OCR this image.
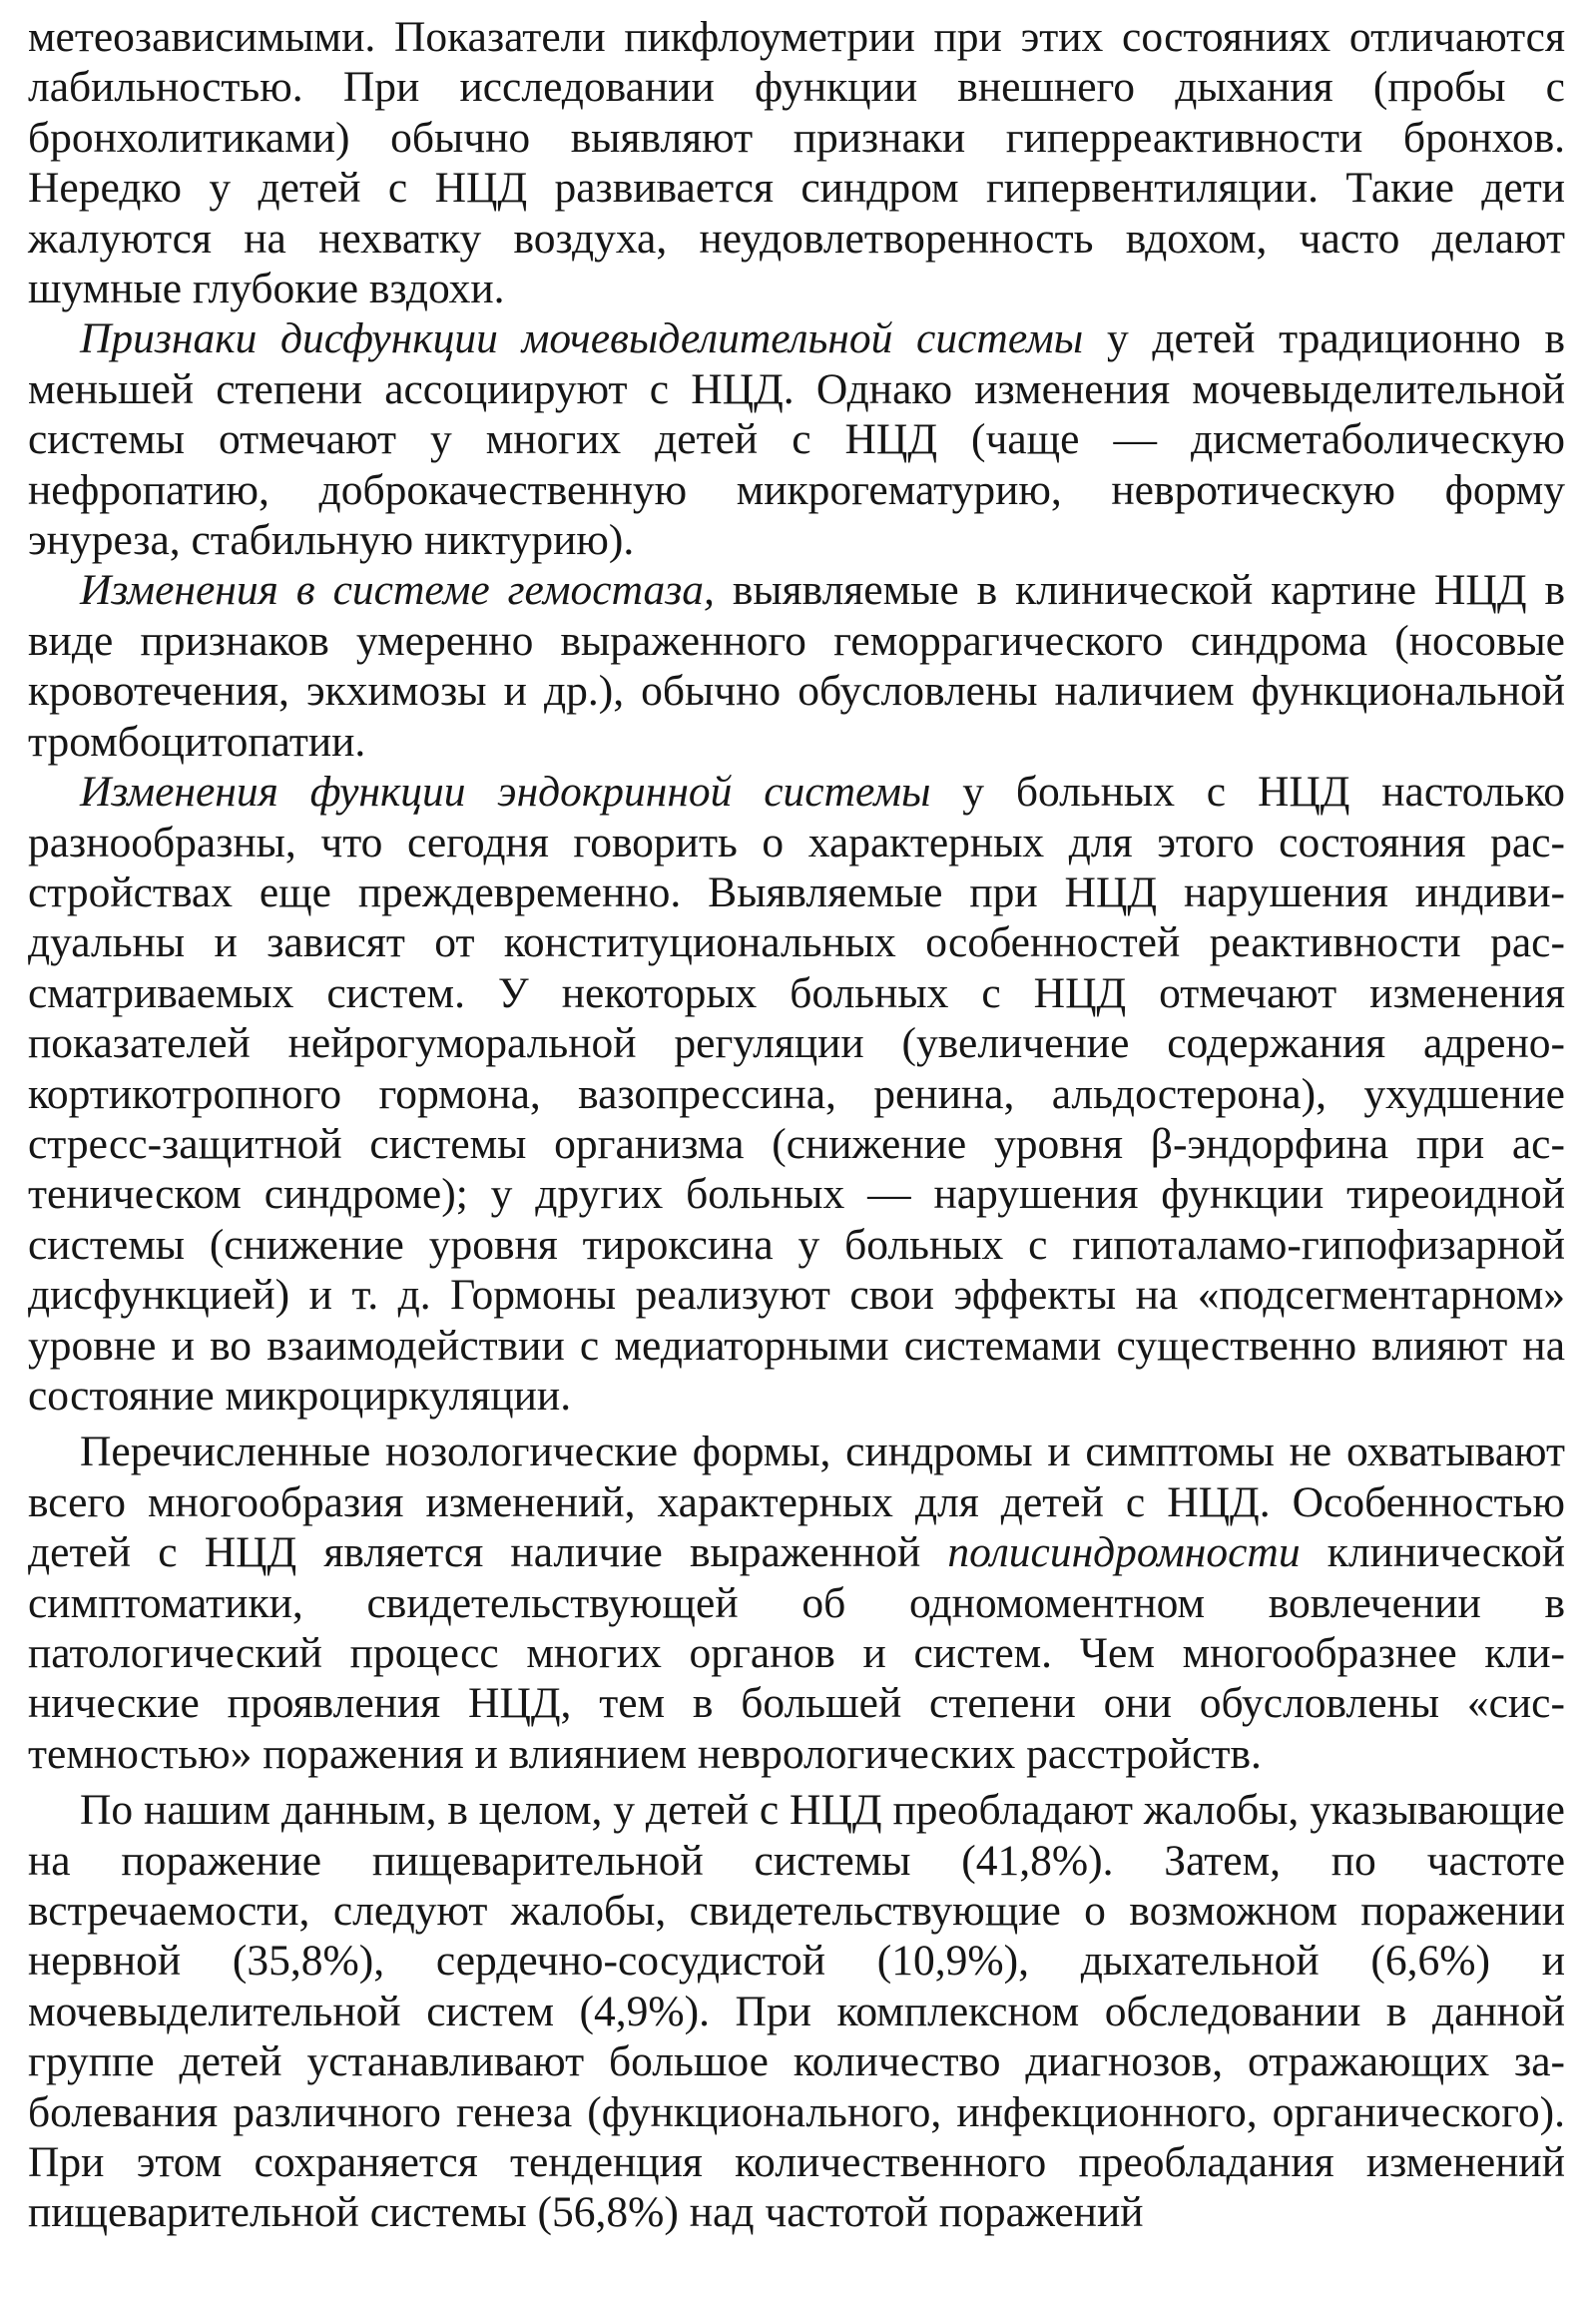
метеозависимыми. Показатели пикфлоуметрии при этих состояниях отличаются лабильностью. При исследовании функции внешнего дыхания (пробы с бронхолитиками) обычно выявляют признаки гиперреактивности бронхов. Нередко у детей с НЦД развивается синдром гипервентиляции. Такие дети жалуются на нехватку воздуха, неудовлетворенность вдохом, часто делают шумные глубокие вздохи.

Признаки дисфункции мочевыделительной системы у детей традиционно в меньшей степени ассоциируют с НЦД. Однако изменения мочевыделительной системы отмечают у многих детей с НЦД (чаще — дисметаболическую нефропатию, доброкачественную микрогематурию, невротическую форму энуреза, стабильную никтурию).

Изменения в системе гемостаза, выявляемые в клинической картине НЦД в виде признаков умеренно выраженного геморрагического синдрома (носовые кровотечения, экхимозы и др.), обычно обусловлены наличием функциональной тромбоцитопатии.

Изменения функции эндокринной системы у больных с НЦД настолько разнообразны, что сегодня говорить о характерных для этого состояния расстройствах еще преждевременно. Выявляемые при НЦД нарушения индивидуальны и зависят от конституциональных особенностей реактивности рассматриваемых систем. У некоторых больных с НЦД отмечают изменения показателей нейрогуморальной регуляции (увеличение содержания адренокортикотропного гормона, вазопрессина, ренина, альдостерона), ухудшение стресс-защитной системы организма (снижение уровня β-эндорфина при астеническом синдроме); у других больных — нарушения функции тиреоидной системы (снижение уровня тироксина у больных с гипоталамо-гипофизарной дисфункцией) и т. д. Гормоны реализуют свои эффекты на «подсегментарном» уровне и во взаимодействии с медиаторными системами существенно влияют на состояние микроциркуляции.

Перечисленные нозологические формы, синдромы и симптомы не охватывают всего многообразия изменений, характерных для детей с НЦД. Особенностью детей с НЦД является наличие выраженной полисиндромности клинической симптоматики, свидетельствующей об одномоментном вовлечении в патологический процесс многих органов и систем. Чем многообразнее клинические проявления НЦД, тем в большей степени они обусловлены «системностью» поражения и влиянием неврологических расстройств.

По нашим данным, в целом, у детей с НЦД преобладают жалобы, указывающие на поражение пищеварительной системы (41,8%). Затем, по частоте встречаемости, следуют жалобы, свидетельствующие о возможном поражении нервной (35,8%), сердечно-сосудистой (10,9%), дыхательной (6,6%) и мочевыделительной систем (4,9%). При комплексном обследовании в данной группе детей устанавливают большое количество диагнозов, отражающих заболевания различного генеза (функционального, инфекционного, органического). При этом сохраняется тенденция количественного преобладания изменений пищеварительной системы (56,8%) над частотой поражений
